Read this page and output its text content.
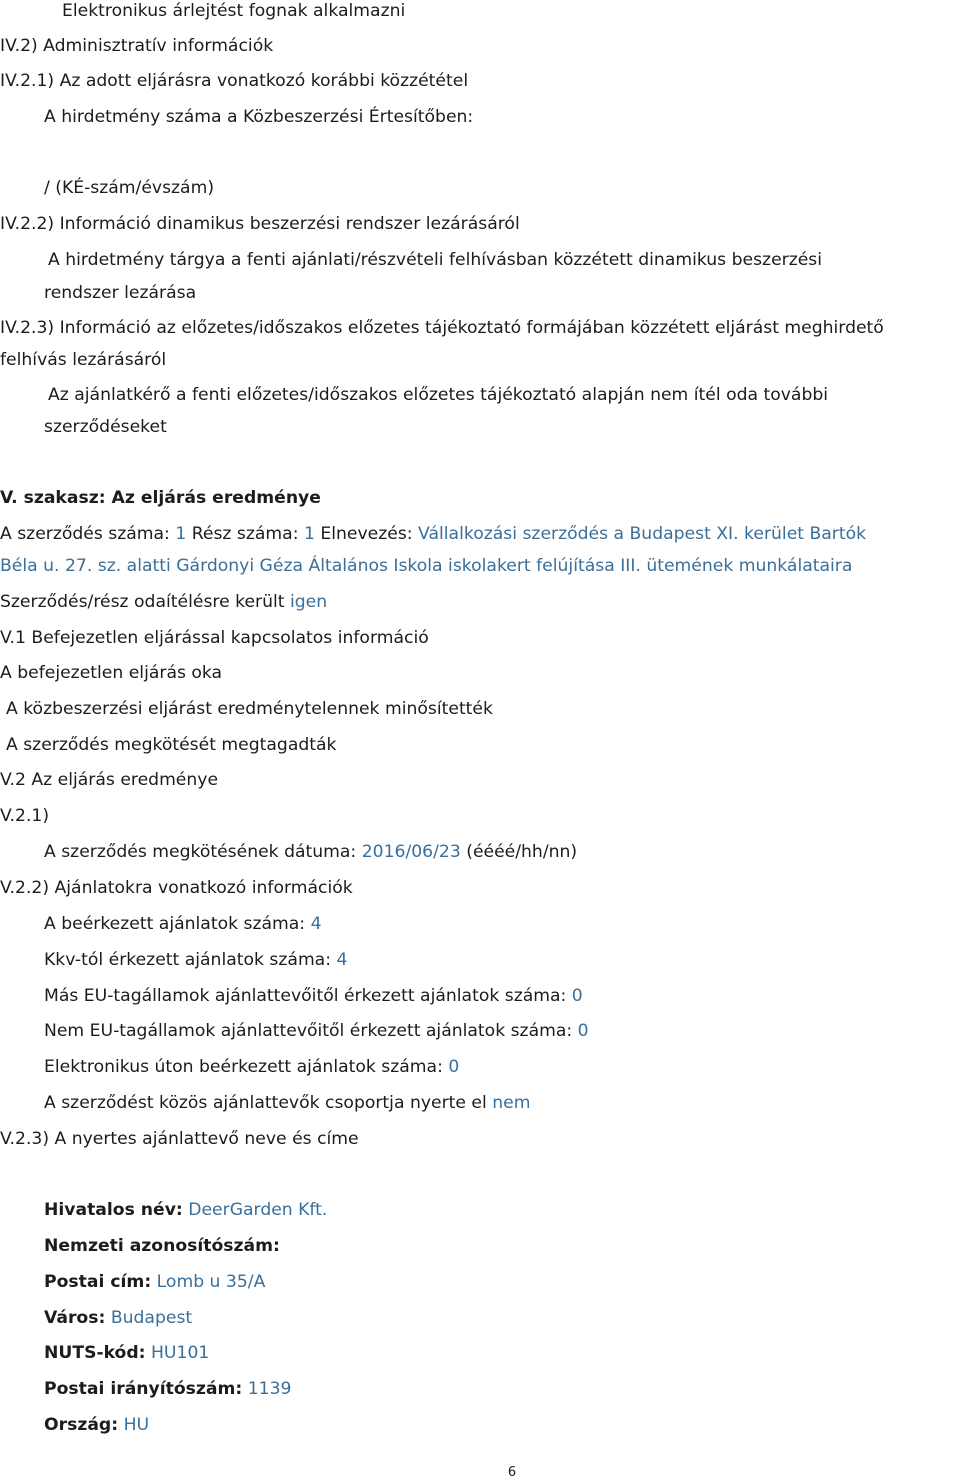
Elektronikus árlejtést fognak alkalmazni
IV.2) Adminisztratív információk
IV.2.1) Az adott eljárásra vonatkozó korábbi közzététel
A hirdetmény száma a Közbeszerzési Értesítőben:
/ (KÉ-szám/évszám)
IV.2.2) Információ dinamikus beszerzési rendszer lezárásáról
A hirdetmény tárgya a fenti ajánlati/részvételi felhívásban közzétett dinamikus beszerzési
rendszer lezárása
IV.2.3) Információ az előzetes/időszakos előzetes tájékoztató formájában közzétett eljárást meghirdető
felhívás lezárásáról
Az ajánlatkérő a fenti előzetes/időszakos előzetes tájékoztató alapján nem ítél oda további
szerződéseket
V. szakasz: Az eljárás eredménye
A szerződés száma: 1 Rész száma: 1 Elnevezés: Vállalkozási szerződés a Budapest XI. kerület Bartók
Béla u. 27. sz. alatti Gárdonyi Géza Általános Iskola iskolakert felújítása III. ütemének munkálataira
Szerződés/rész odaítélésre került igen
V.1 Befejezetlen eljárással kapcsolatos információ
A befejezetlen eljárás oka
A közbeszerzési eljárást eredménytelennek minősítették
A szerződés megkötését megtagadták
V.2 Az eljárás eredménye
V.2.1)
A szerződés megkötésének dátuma: 2016/06/23 (éééé/hh/nn)
V.2.2) Ajánlatokra vonatkozó információk
A beérkezett ajánlatok száma: 4
Kkv-tól érkezett ajánlatok száma: 4
Más EU-tagállamok ajánlattevőitől érkezett ajánlatok száma: 0
Nem EU-tagállamok ajánlattevőitől érkezett ajánlatok száma: 0
Elektronikus úton beérkezett ajánlatok száma: 0
A szerződést közös ajánlattevők csoportja nyerte el nem
V.2.3) A nyertes ajánlattevő neve és címe
Hivatalos név: DeerGarden Kft.
Nemzeti azonosítószám:
Postai cím: Lomb u 35/A
Város: Budapest
NUTS-kód: HU101
Postai irányítószám: 1139
Ország: HU
6
